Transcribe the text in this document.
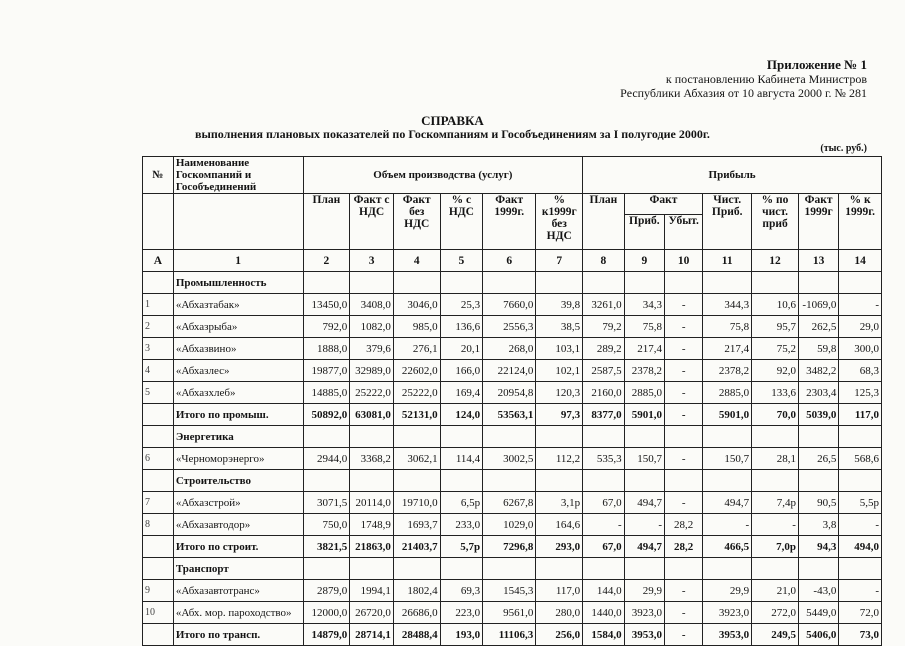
Приложение № 1
к постановлению Кабинета Министров
Республики Абхазия от 10 августа 2000 г. № 281
СПРАВКА
выполнения плановых показателей по Госкомпаниям и Гособъединениям за I полугодие 2000г.
(тыс. руб.)
№	Наименование Госкомпаний и Гособъединений	Объем производства (услуг)						Прибыль						
		План	Факт с НДС	Факт без НДС	% с НДС	Факт 1999г.	% к1999г без НДС	План	Факт		Чист. Приб.	% по чист. приб	Факт 1999г	% к 1999г.
									Приб.	Убыт.				
А	1	2	3	4	5	6	7	8	9	10	11	12	13	14
	Промышленность													
1	«Абхазтабак»	13450,0	3408,0	3046,0	25,3	7660,0	39,8	3261,0	34,3	-	344,3	10,6	-1069,0	-
2	«Абхазрыба»	792,0	1082,0	985,0	136,6	2556,3	38,5	79,2	75,8	-	75,8	95,7	262,5	29,0
3	«Абхазвино»	1888,0	379,6	276,1	20,1	268,0	103,1	289,2	217,4	-	217,4	75,2	59,8	300,0
4	«Абхазлес»	19877,0	32989,0	22602,0	166,0	22124,0	102,1	2587,5	2378,2	-	2378,2	92,0	3482,2	68,3
5	«Абхазхлеб»	14885,0	25222,0	25222,0	169,4	20954,8	120,3	2160,0	2885,0	-	2885,0	133,6	2303,4	125,3
	Итого по промыш.	50892,0	63081,0	52131,0	124,0	53563,1	97,3	8377,0	5901,0	-	5901,0	70,0	5039,0	117,0
	Энергетика													
6	«Черноморэнерго»	2944,0	3368,2	3062,1	114,4	3002,5	112,2	535,3	150,7	-	150,7	28,1	26,5	568,6
	Строительство													
7	«Абхазстрой»	3071,5	20114,0	19710,0	6,5р	6267,8	3,1р	67,0	494,7	-	494,7	7,4р	90,5	5,5р
8	«Абхазавтодор»	750,0	1748,9	1693,7	233,0	1029,0	164,6	-	-	28,2	-	-	3,8	-
	Итого по строит.	3821,5	21863,0	21403,7	5,7р	7296,8	293,0	67,0	494,7	28,2	466,5	7,0р	94,3	494,0
	Транспорт													
9	«Абхазавтотранс»	2879,0	1994,1	1802,4	69,3	1545,3	117,0	144,0	29,9	-	29,9	21,0	-43,0	-
10	«Абх. мор. пароходство»	12000,0	26720,0	26686,0	223,0	9561,0	280,0	1440,0	3923,0	-	3923,0	272,0	5449,0	72,0
	Итого по трансп.	14879,0	28714,1	28488,4	193,0	11106,3	256,0	1584,0	3953,0	-	3953,0	249,5	5406,0	73,0
